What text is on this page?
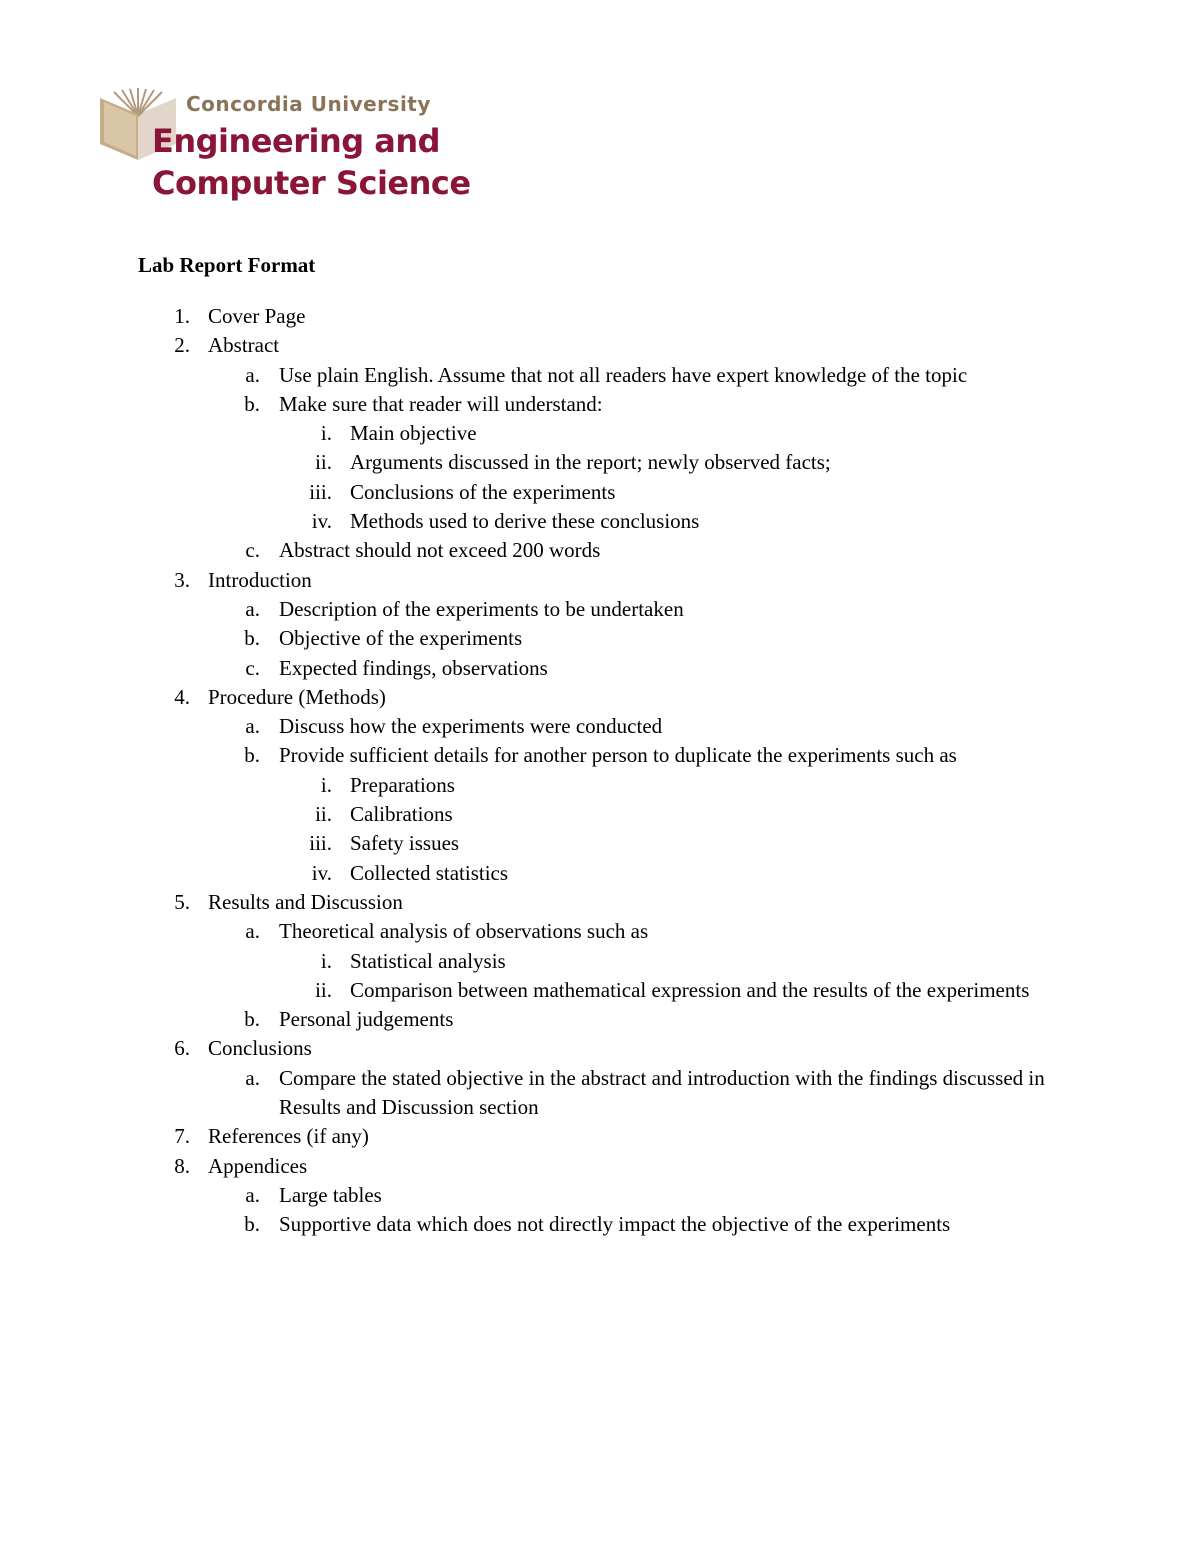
Concordia University
Engineering and
Computer Science
Lab Report Format
1. Cover Page
2. Abstract
a. Use plain English. Assume that not all readers have expert knowledge of the topic
b. Make sure that reader will understand:
i. Main objective
ii. Arguments discussed in the report; newly observed facts;
iii. Conclusions of the experiments
iv. Methods used to derive these conclusions
c. Abstract should not exceed 200 words
3. Introduction
a. Description of the experiments to be undertaken
b. Objective of the experiments
c. Expected findings, observations
4. Procedure (Methods)
a. Discuss how the experiments were conducted
b. Provide sufficient details for another person to duplicate the experiments such as
i. Preparations
ii. Calibrations
iii. Safety issues
iv. Collected statistics
5. Results and Discussion
a. Theoretical analysis of observations such as
i. Statistical analysis
ii. Comparison between mathematical expression and the results of the experiments
b. Personal judgements
6. Conclusions
a. Compare the stated objective in the abstract and introduction with the findings discussed in Results and Discussion section
7. References (if any)
8. Appendices
a. Large tables
b. Supportive data which does not directly impact the objective of the experiments
